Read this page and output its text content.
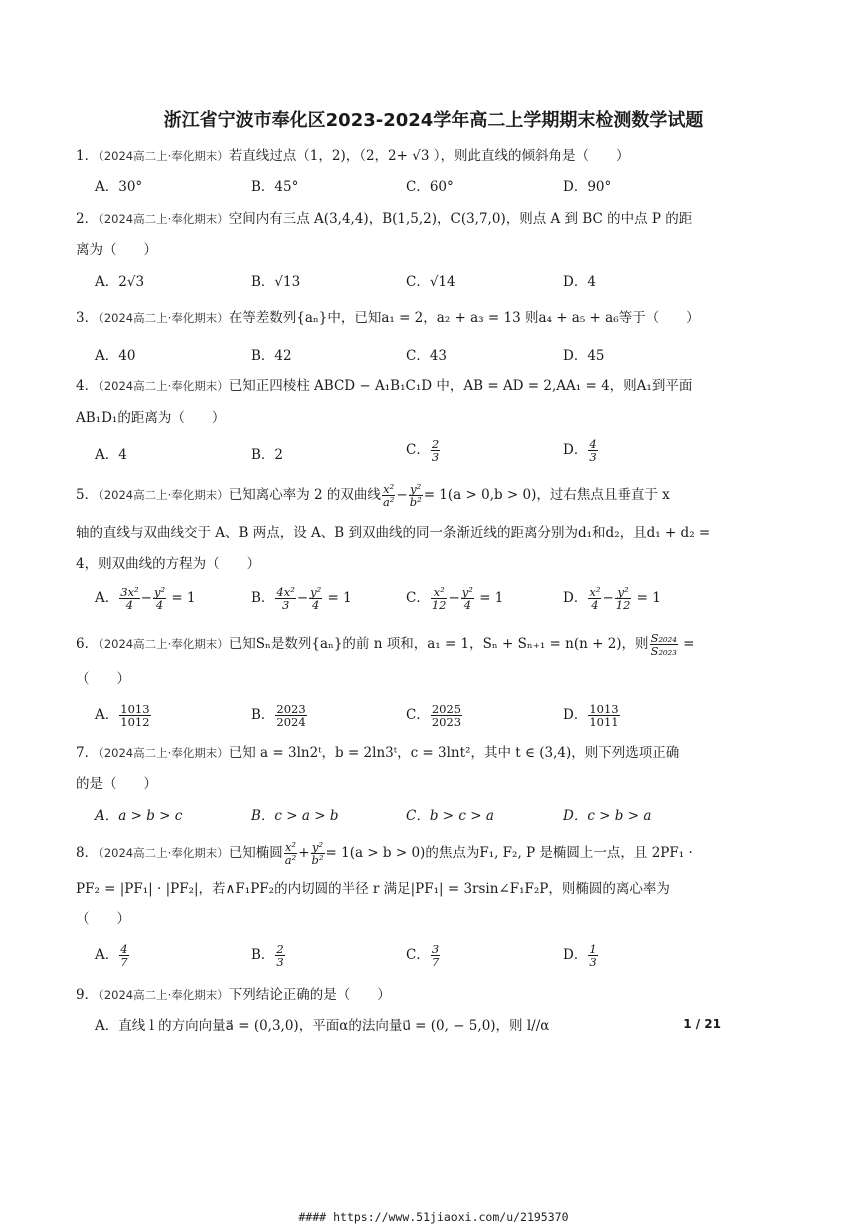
浙江省宁波市奉化区2023-2024学年高二上学期期末检测数学试题
1．（2024高二上·奉化期末）若直线过点（1，2)，（2，2+ √3 ），则此直线的倾斜角是（　　）
A．30°	B．45°	C．60°	D．90°
2．（2024高二上·奉化期末）空间内有三点 A(3,4,4)，B(1,5,2)，C(3,7,0)，则点 A 到 BC 的中点 P 的距
离为（　　）
A．2√3	B．√13	C．√14	D．4
3．（2024高二上·奉化期末）在等差数列{aₙ}中，已知a₁ = 2，a₂ + a₃ = 13 则a₄ + a₅ + a₆等于（　　）
A．40	B．42	C．43	D．45
4．（2024高二上·奉化期末）已知正四棱柱 ABCD − A₁B₁C₁D 中，AB = AD = 2,AA₁ = 4，则A₁到平面
AB₁D₁的距离为（　　）
A．4	B．2	C． $\frac{2}{3}$	D． $\frac{4}{3}$
5．（2024高二上·奉化期末）已知离心率为 2 的双曲线 $\frac{\text{x²}}{\text{a²}} - \frac{\text{y²}}{\text{b²}} = 1(a > 0,b > 0)$，过右焦点且垂直于 x
轴的直线与双曲线交于 A、B 两点，设 A、B 到双曲线的同一条渐近线的距离分别为d₁和d₂，且d₁ + d₂ =
4，则双曲线的方程为（　　）
A． $\frac{\text{3x²}}{4} - \frac{\text{y²}}{4} = 1$	B． $\frac{\text{4x²}}{3} - \frac{\text{y²}}{4} = 1$	C． $\frac{\text{x²}}{12} - \frac{\text{y²}}{4} = 1$	D． $\frac{\text{x²}}{4} - \frac{\text{y²}}{12} = 1$
6．（2024高二上·奉化期末）已知Sₙ是数列{aₙ}的前 n 项和，a₁ = 1，Sₙ + Sₙ₊₁ = n(n + 2)，则 $\frac{\text{S₂₀₂₄}}{\text{S₂₀₂₃}}$ =
（　　）
A． $\frac{1013}{1012}$	B． $\frac{2023}{2024}$	C． $\frac{2025}{2023}$	D． $\frac{1013}{1011}$
7．（2024高二上·奉化期末）已知 a = 3ln2ᵗ，b = 2ln3ᵗ，c = 3lnt²，其中 t ∈ (3,4)，则下列选项正确
的是（　　）
A．a > b > c	B．c > a > b	C．b > c > a	D．c > b > a
8．（2024高二上·奉化期末）已知椭圆 $\frac{\text{x²}}{\text{a²}} + \frac{\text{y²}}{\text{b²}} = 1(a > b > 0)$的焦点为F₁, F₂, P 是椭圆上一点，且 2PF₁ ·
PF₂ = |PF₁| · |PF₂|，若∧F₁PF₂的内切圆的半径 r 满足|PF₁| = 3rsin∠F₁F₂P，则椭圆的离心率为
（　　）
A． $\frac{4}{7}$	B． $\frac{2}{3}$	C． $\frac{3}{7}$	D． $\frac{1}{3}$
9．（2024高二上·奉化期末）下列结论正确的是（　　）
A．直线 l 的方向向量a⃗ = (0,3,0)，平面α的法向量u⃗ = (0, − 5,0)，则 l//α	1 / 21
#### https://www.51jiaoxi.com/u/2195370
